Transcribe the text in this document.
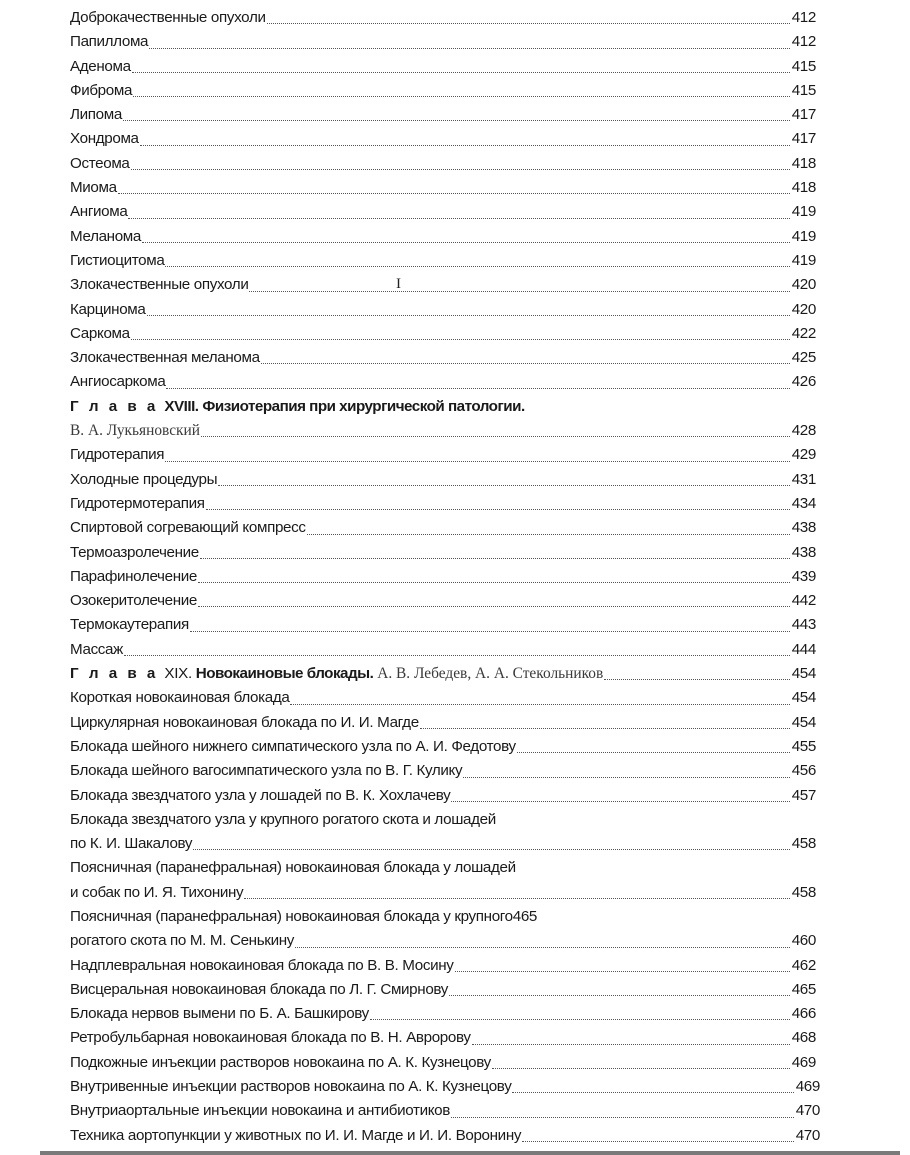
Доброкачественные опухоли	412
Папиллома	412
Аденома	415
Фиброма	415
Липома	417
Хондрома	417
Остеома	418
Миома	418
Ангиома	419
Меланома	419
Гистиоцитома	419
Злокачественные опухоли	420
Карцинома	420
Саркома	422
Злокачественная меланома	425
Ангиосаркома	426
Г л а в а XVIII.
Физиотерапия при хирургической патологии.
В. А. Лукьяновский	428
Гидротерапия	429
Холодные процедуры	431
Гидротермотерапия	434
Спиртовой согревающий компресс	438
Термоазролечение	438
Парафинолечение	439
Озокеритолечение	442
Термокаутерапия	443
Массаж	444
Г л а в а XIX. Новокаиновые блокады. А. В. Лебедев, А. А. Стекольников	454
Короткая новокаиновая блокада	454
Циркулярная новокаиновая блокада по И. И. Магде	454
Блокада шейного нижнего симпатического узла по А. И. Федотову	455
Блокада шейного вагосимпатического узла по В. Г. Кулику	456
Блокада звездчатого узла у лошадей по В. К. Хохлачеву	457
Блокада звездчатого узла у крупного рогатого скота и лошадей
по К. И. Шакалову	458
Поясничная (паранефральная) новокаиновая блокада у лошадей
и собак по И. Я. Тихонину	458
Поясничная (паранефральная) новокаиновая блокада у крупного465
рогатого скота по М. М. Сенькину	460
Надплевральная новокаиновая блокада по В. В. Мосину	462
Висцеральная новокаиновая блокада по Л. Г. Смирнову	465
Блокада нервов вымени по Б. А. Башкирову	466
Ретробульбарная новокаиновая блокада по В. Н. Авророву	468
Подкожные инъекции растворов новокаина по А. К. Кузнецову	469
Внутривенные инъекции растворов новокаина по А. К. Кузнецову	469
Внутриаортальные инъекции новокаина и антибиотиков	470
Техника аортопункции у животных по И. И. Магде и И. И. Воронину	470
I
